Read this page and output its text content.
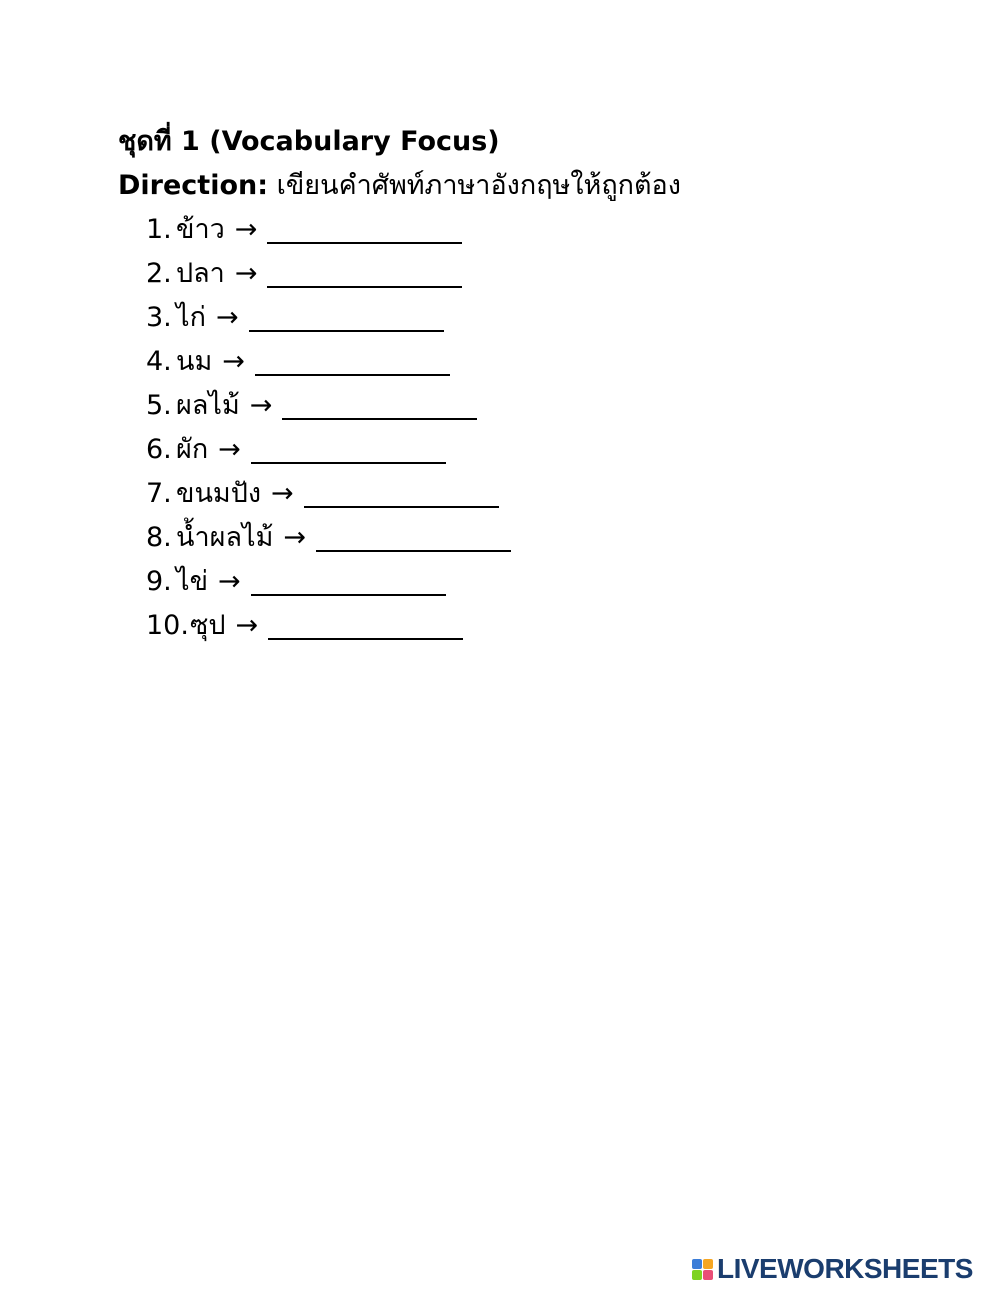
ชุดที่ 1 (Vocabulary Focus)
Direction: เขียนคำศัพท์ภาษาอังกฤษให้ถูกต้อง
1. ข้าว →
2. ปลา →
3. ไก่ →
4. นม →
5. ผลไม้ →
6. ผัก →
7. ขนมปัง →
8. น้ำผลไม้ →
9. ไข่ →
10. ซุป →
LIVEWORKSHEETS
